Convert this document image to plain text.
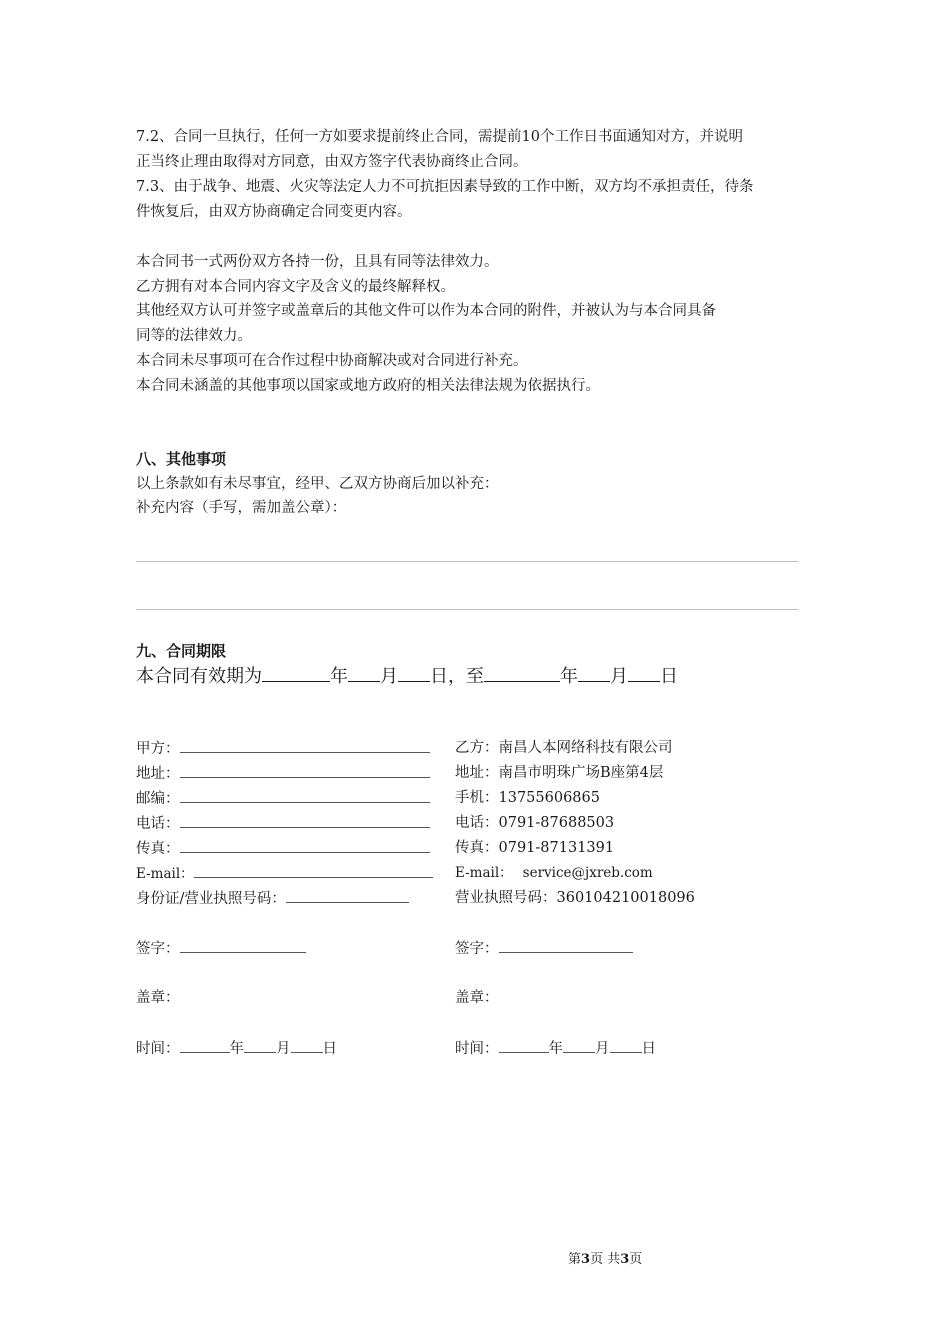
7.2、合同一旦执行，任何一方如要求提前终止合同，需提前10个工作日书面通知对方，并说明
正当终止理由取得对方同意，由双方签字代表协商终止合同。
7.3、由于战争、地震、火灾等法定人力不可抗拒因素导致的工作中断，双方均不承担责任，待条
件恢复后，由双方协商确定合同变更内容。
本合同书一式两份双方各持一份，且具有同等法律效力。
乙方拥有对本合同内容文字及含义的最终解释权。
其他经双方认可并签字或盖章后的其他文件可以作为本合同的附件，并被认为与本合同具备
同等的法律效力。
本合同未尽事项可在合作过程中协商解决或对合同进行补充。
本合同未涵盖的其他事项以国家或地方政府的相关法律法规为依据执行。
八、其他事项
以上条款如有未尽事宜，经甲、乙双方协商后加以补充：
补充内容（手写，需加盖公章）：
九、合同期限
本合同有效期为	年 月 日，至	年 月 日
甲方：
地址：
邮编：
电话：
传真：
E-mail：
身份证/营业执照号码：
签字：
盖章：
时间：	年 月 日
乙方：南昌人本网络科技有限公司
地址：南昌市明珠广场B座第4层
手机：13755606865
电话：0791-87688503
传真：0791-87131391
E-mail： service@jxreb.com
营业执照号码：360104210018096
签字：
盖章：
时间：	年 月 日
第3页 共3页
